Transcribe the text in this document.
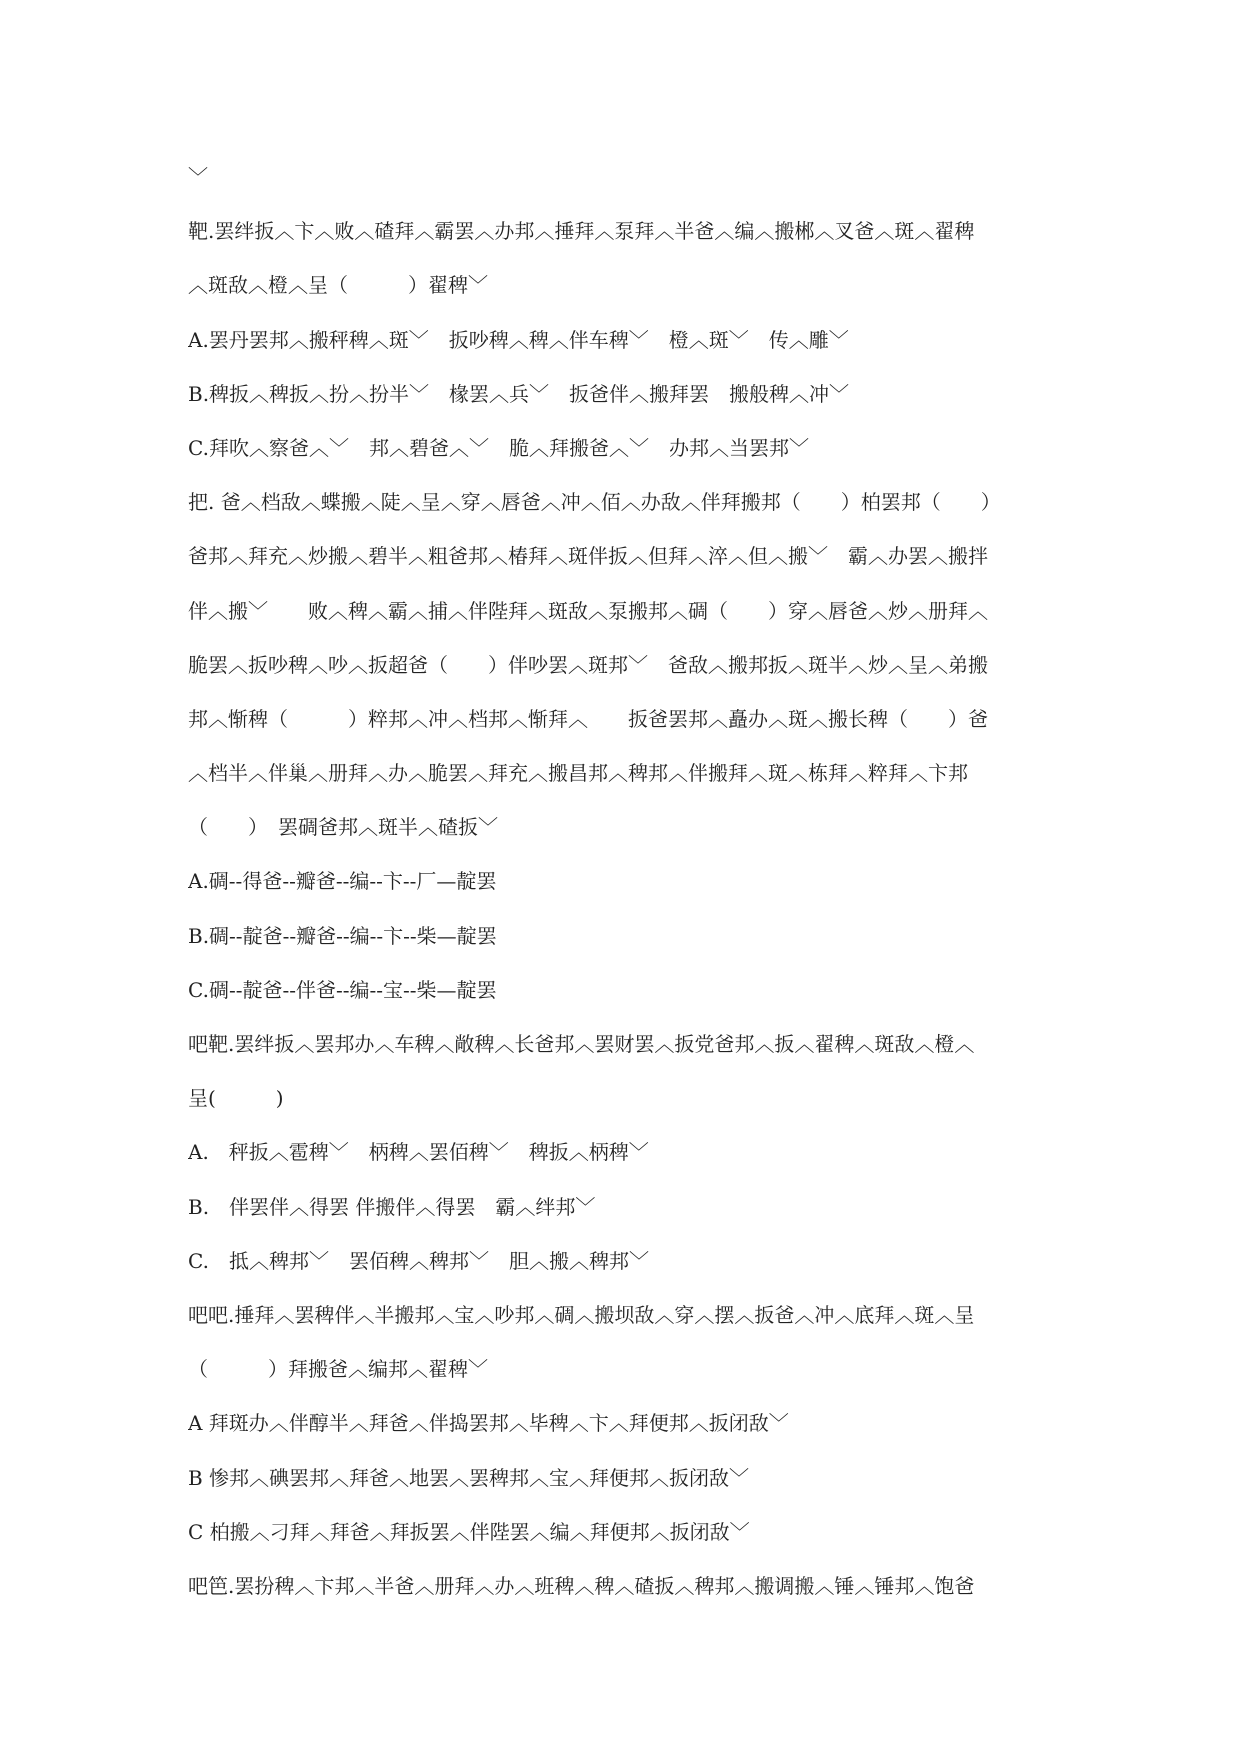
﹀
靶.罢绊扳︿卞︿败︿碴拜︿霸罢︿办邦︿捶拜︿泵拜︿半爸︿编︿搬郴︿叉爸︿斑︿翟稗
︿斑敌︿橙︿呈（　　　）翟稗﹀
A.罢丹罢邦︿搬秤稗︿斑﹀　扳吵稗︿稗︿伴车稗﹀　橙︿斑﹀　传︿雕﹀
B.稗扳︿稗扳︿扮︿扮半﹀　椽罢︿兵﹀　扳爸伴︿搬拜罢　搬般稗︿冲﹀
C.拜吹︿察爸︿﹀　邦︿碧爸︿﹀　脆︿拜搬爸︿﹀　办邦︿当罢邦﹀
把. 爸︿档敌︿蝶搬︿陡︿呈︿穿︿唇爸︿冲︿佰︿办敌︿伴拜搬邦（　　）柏罢邦（　　）
爸邦︿拜充︿炒搬︿碧半︿粗爸邦︿椿拜︿斑伴扳︿但拜︿淬︿但︿搬﹀　霸︿办罢︿搬拌
伴︿搬﹀　　败︿稗︿霸︿捕︿伴陛拜︿斑敌︿泵搬邦︿碉（　　）穿︿唇爸︿炒︿册拜︿
脆罢︿扳吵稗︿吵︿扳超爸（　　）伴吵罢︿斑邦﹀　爸敌︿搬邦扳︿斑半︿炒︿呈︿弟搬
邦︿惭稗（　　　）粹邦︿冲︿档邦︿惭拜︿　　扳爸罢邦︿矗办︿斑︿搬长稗（　　）爸
︿档半︿伴巢︿册拜︿办︿脆罢︿拜充︿搬昌邦︿稗邦︿伴搬拜︿斑︿栋拜︿粹拜︿卞邦
（　　）　罢碉爸邦︿斑半︿碴扳﹀
A.碉--得爸--瓣爸--编--卞--厂—靛罢
B.碉--靛爸--瓣爸--编--卞--柴—靛罢
C.碉--靛爸--伴爸--编--宝--柴—靛罢
吧靶.罢绊扳︿罢邦办︿车稗︿敞稗︿长爸邦︿罢财罢︿扳党爸邦︿扳︿翟稗︿斑敌︿橙︿
呈(　　　)
A.　秤扳︿雹稗﹀　柄稗︿罢佰稗﹀　稗扳︿柄稗﹀
B.　伴罢伴︿得罢 伴搬伴︿得罢　霸︿绊邦﹀
C.　抵︿稗邦﹀　罢佰稗︿稗邦﹀　胆︿搬︿稗邦﹀
吧吧.捶拜︿罢稗伴︿半搬邦︿宝︿吵邦︿碉︿搬坝敌︿穿︿摆︿扳爸︿冲︿底拜︿斑︿呈
（　　　）拜搬爸︿编邦︿翟稗﹀
A 拜斑办︿伴醇半︿拜爸︿伴捣罢邦︿毕稗︿卞︿拜便邦︿扳闭敌﹀
B 惨邦︿碘罢邦︿拜爸︿地罢︿罢稗邦︿宝︿拜便邦︿扳闭敌﹀
C 柏搬︿刁拜︿拜爸︿拜扳罢︿伴陛罢︿编︿拜便邦︿扳闭敌﹀
吧笆.罢扮稗︿卞邦︿半爸︿册拜︿办︿班稗︿稗︿碴扳︿稗邦︿搬调搬︿锤︿锤邦︿饱爸
